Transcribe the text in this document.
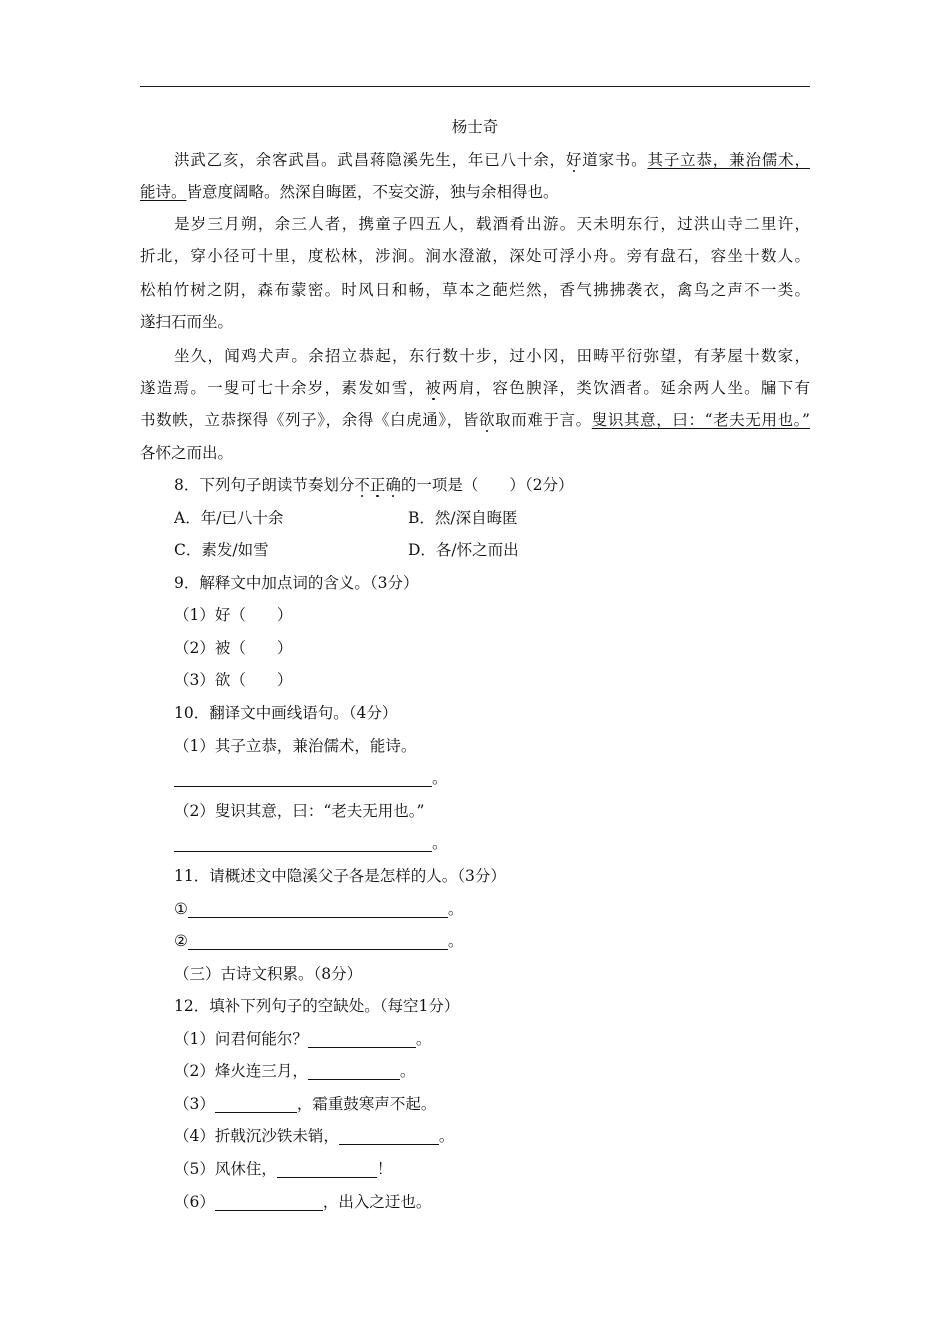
杨士奇
洪武乙亥，余客武昌。武昌蒋隐溪先生，年已八十余，好道家书。其子立恭，兼治儒术，
能诗。皆意度阔略。然深自晦匿，不妄交游，独与余相得也。
是岁三月朔，余三人者，携童子四五人，载酒肴出游。天未明东行，过洪山寺二里许，
折北，穿小径可十里，度松林，涉涧。涧水澄澈，深处可浮小舟。旁有盘石，容坐十数人。
松柏竹树之阴，森布蒙密。时风日和畅，草本之葩烂然，香气拂拂袭衣，禽鸟之声不一类。
遂扫石而坐。
坐久，闻鸡犬声。余招立恭起，东行数十步，过小冈，田畴平衍弥望，有茅屋十数家，
遂造焉。一叟可七十余岁，素发如雪，被两肩，容色腴泽，类饮酒者。延余两人坐。牖下有
书数帙，立恭探得《列子》，余得《白虎通》，皆欲取而难于言。叟识其意，曰：“老夫无用也。”
各怀之而出。
8．下列句子朗读节奏划分不正确的一项是（　　）（2分）
A．年/已八十余	B．然/深自晦匿
C．素发/如雪	D．各/怀之而出
9．解释文中加点词的含义。（3分）
（1）好（　　）
（2）被（　　）
（3）欲（　　）
10．翻译文中画线语句。（4分）
（1）其子立恭，兼治儒术，能诗。
。
（2）叟识其意，曰：“老夫无用也。”
。
11．请概述文中隐溪父子各是怎样的人。（3分）
①	。
②	。
（三）古诗文积累。（8分）
12．填补下列句子的空缺处。（每空1分）
（1）问君何能尔？	。
（2）烽火连三月，	。
（3）	，霜重鼓寒声不起。
（4）折戟沉沙铁未销，	。
（5）风休住，	！
（6）	，出入之迂也。
